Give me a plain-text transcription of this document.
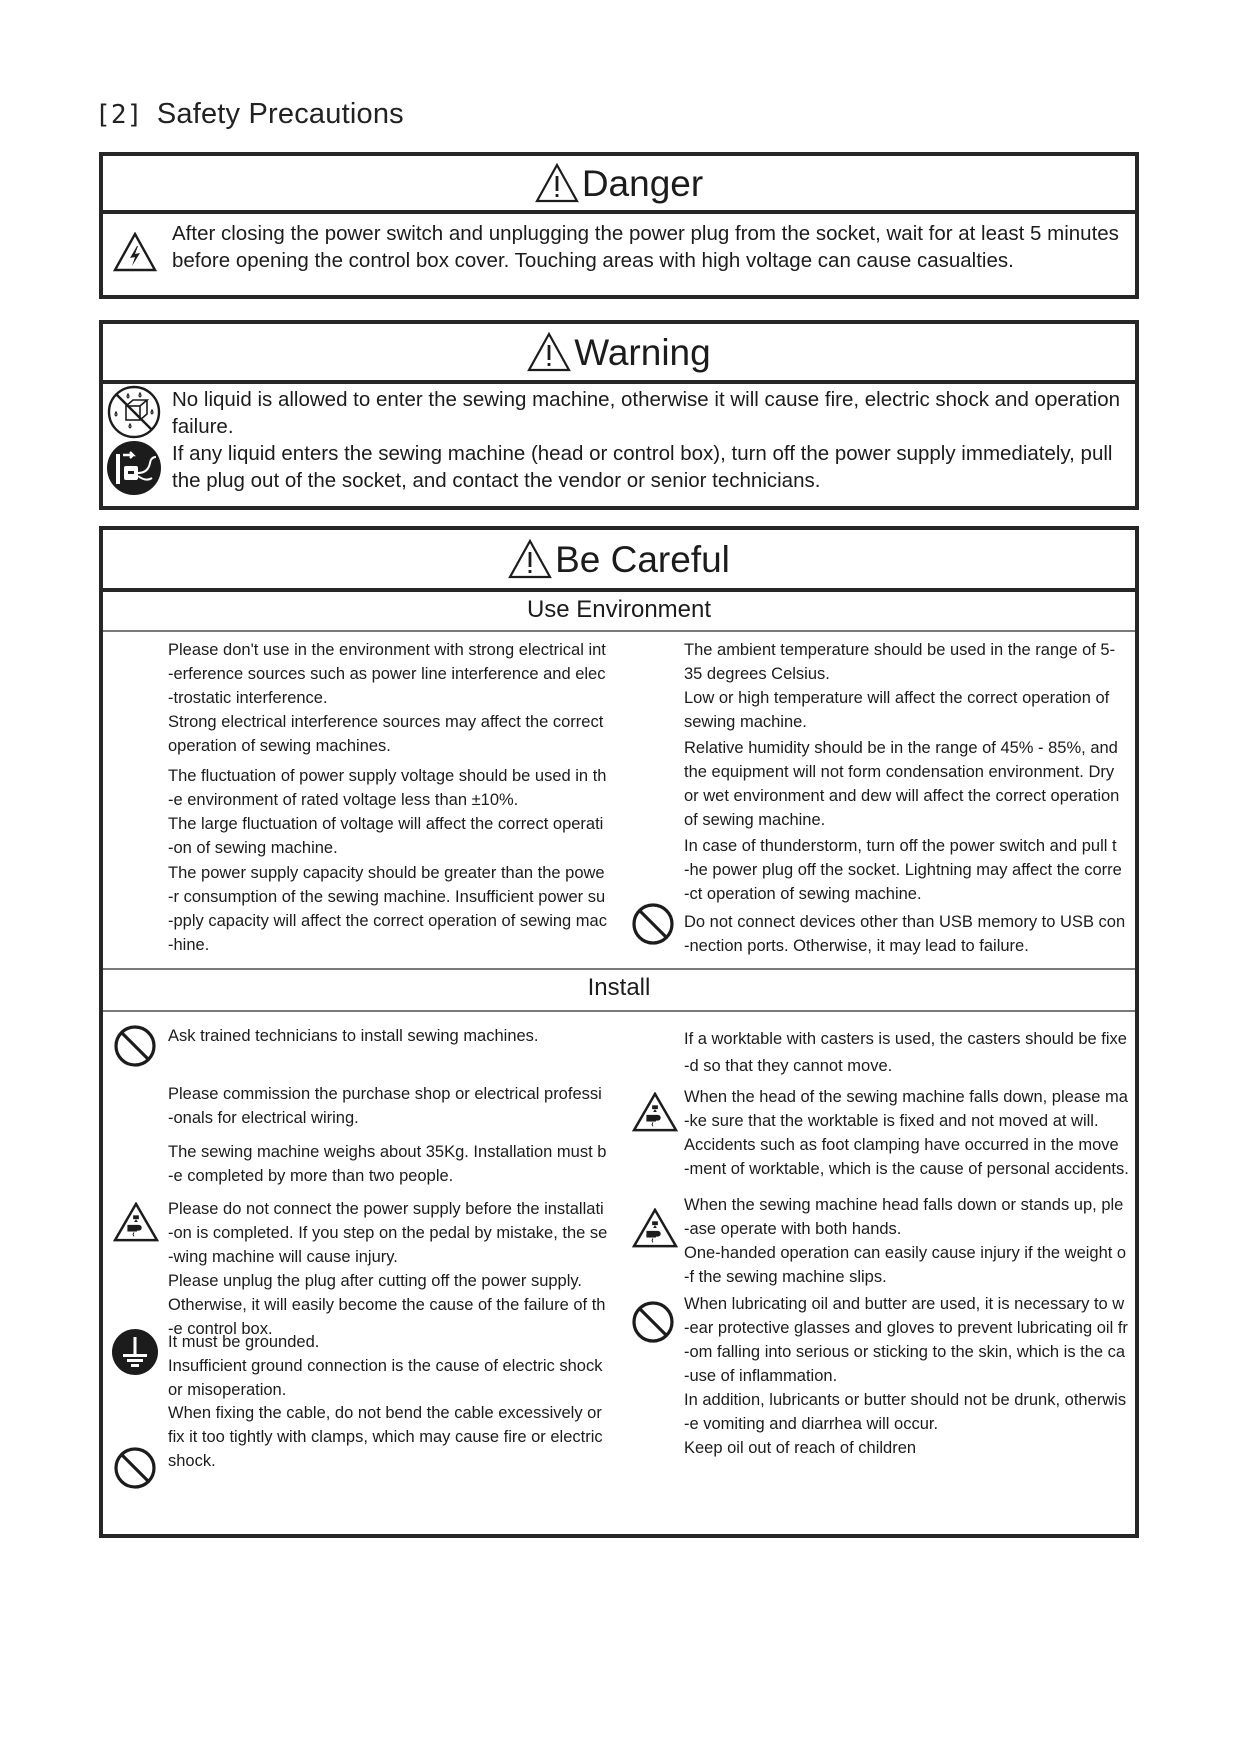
[2] Safety Precautions
Danger
After closing the power switch and unplugging the power plug from the socket, wait for at least 5 minutes
before opening the control box cover. Touching areas with high voltage can cause casualties.
Warning
No liquid is allowed to enter the sewing machine, otherwise it will cause fire, electric shock and operation
failure.
If any liquid enters the sewing machine (head or control box), turn off the power supply immediately, pull
the plug out of the socket, and contact the vendor or senior technicians.
Be Careful
Use Environment
Please don't use in the environment with strong electrical int
-erference sources such as power line interference and elec
-trostatic interference.
Strong electrical interference sources may affect the correct
operation of sewing machines.
The fluctuation of power supply voltage should be used in th
-e environment of rated voltage less than ±10%.
The large fluctuation of voltage will affect the correct operati
-on of sewing machine.
The power supply capacity should be greater than the powe
-r consumption of the sewing machine. Insufficient power su
-pply capacity will affect the correct operation of sewing mac
-hine.
The ambient temperature should be used in the range of 5-
35 degrees Celsius.
Low or high temperature will affect the correct operation of
sewing machine.
Relative humidity should be in the range of 45% - 85%, and
the equipment will not form condensation environment. Dry
or wet environment and dew will affect the correct operation
of sewing machine.
In case of thunderstorm, turn off the power switch and pull t
-he power plug off the socket. Lightning may affect the corre
-ct operation of sewing machine.
Do not connect devices other than USB memory to USB con
-nection ports. Otherwise, it may lead to failure.
Install
Ask trained technicians to install sewing machines.
Please commission the purchase shop or electrical professi
-onals for electrical wiring.
The sewing machine weighs about 35Kg. Installation must b
-e completed by more than two people.
Please do not connect the power supply before the installati
-on is completed. If you step on the pedal by mistake, the se
-wing machine will cause injury.
Please unplug the plug after cutting off the power supply.
Otherwise, it will easily become the cause of the failure of th
-e control box.
It must be grounded.
Insufficient ground connection is the cause of electric shock
or misoperation.
When fixing the cable, do not bend the cable excessively or
fix it too tightly with clamps, which may cause fire or electric
shock.
If a worktable with casters is used, the casters should be fixe
-d so that they cannot move.
When the head of the sewing machine falls down, please ma
-ke sure that the worktable is fixed and not moved at will.
Accidents such as foot clamping have occurred in the move
-ment of worktable, which is the cause of personal accidents.
When the sewing machine head falls down or stands up, ple
-ase operate with both hands.
One-handed operation can easily cause injury if the weight o
-f the sewing machine slips.
When lubricating oil and butter are used, it is necessary to w
-ear protective glasses and gloves to prevent lubricating oil fr
-om falling into serious or sticking to the skin, which is the ca
-use of inflammation.
In addition, lubricants or butter should not be drunk, otherwis
-e vomiting and diarrhea will occur.
Keep oil out of reach of children
